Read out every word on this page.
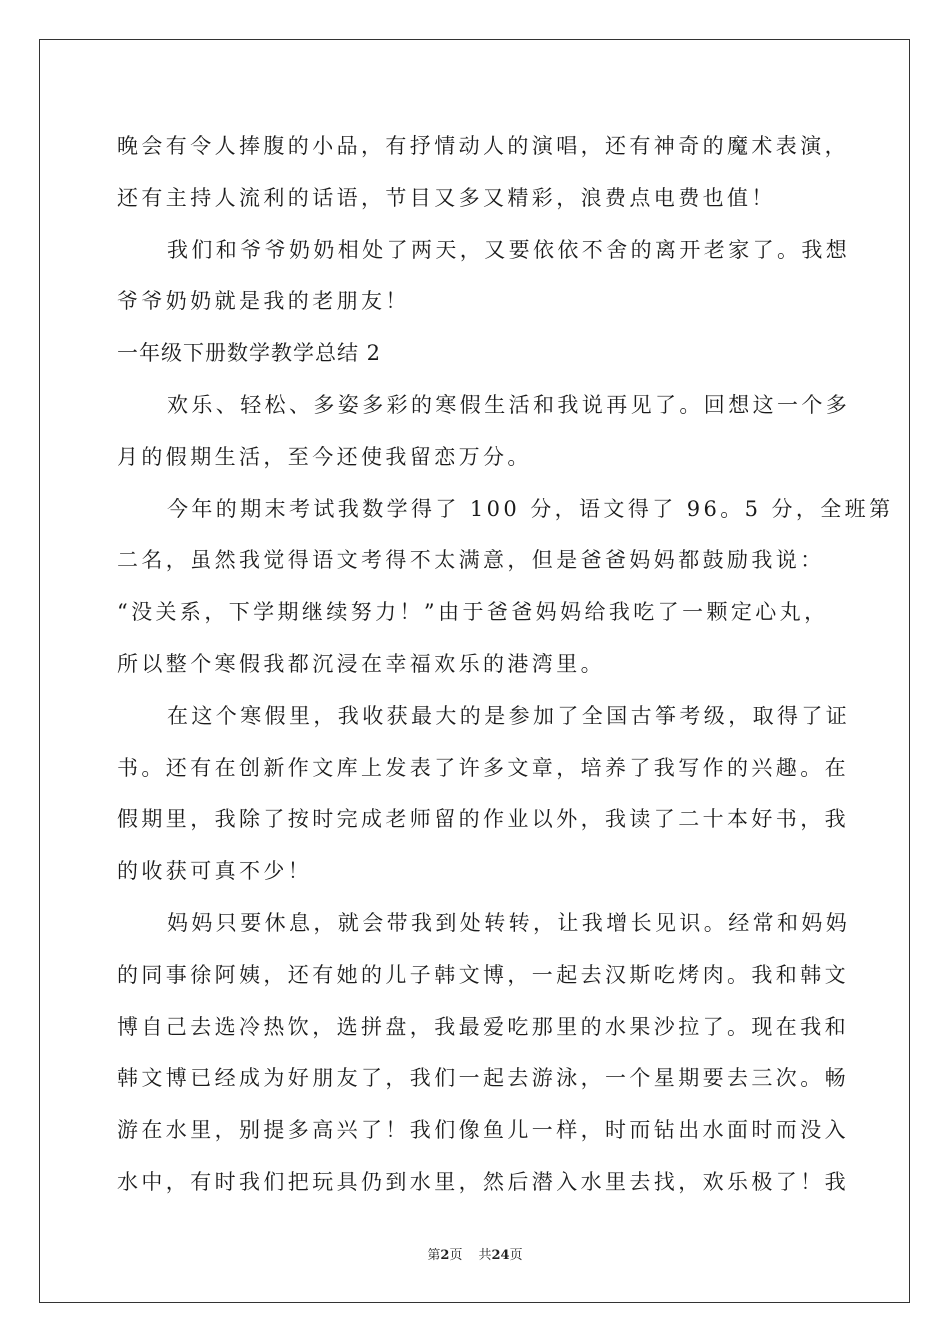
晚会有令人捧腹的小品，有抒情动人的演唱，还有神奇的魔术表演，
还有主持人流利的话语，节目又多又精彩，浪费点电费也值！
我们和爷爷奶奶相处了两天，又要依依不舍的离开老家了。我想
爷爷奶奶就是我的老朋友！
一年级下册数学教学总结 2
欢乐、轻松、多姿多彩的寒假生活和我说再见了。回想这一个多
月的假期生活，至今还使我留恋万分。
今年的期末考试我数学得了 100 分，语文得了 96。5 分，全班第
二名，虽然我觉得语文考得不太满意，但是爸爸妈妈都鼓励我说：
“没关系，下学期继续努力！”由于爸爸妈妈给我吃了一颗定心丸，
所以整个寒假我都沉浸在幸福欢乐的港湾里。
在这个寒假里，我收获最大的是参加了全国古筝考级，取得了证
书。还有在创新作文库上发表了许多文章，培养了我写作的兴趣。在
假期里，我除了按时完成老师留的作业以外，我读了二十本好书，我
的收获可真不少！
妈妈只要休息，就会带我到处转转，让我增长见识。经常和妈妈
的同事徐阿姨，还有她的儿子韩文博，一起去汉斯吃烤肉。我和韩文
博自己去选冷热饮，选拼盘，我最爱吃那里的水果沙拉了。现在我和
韩文博已经成为好朋友了，我们一起去游泳，一个星期要去三次。畅
游在水里，别提多高兴了！我们像鱼儿一样，时而钻出水面时而没入
水中，有时我们把玩具仍到水里，然后潜入水里去找，欢乐极了！我
第2页 共24页
